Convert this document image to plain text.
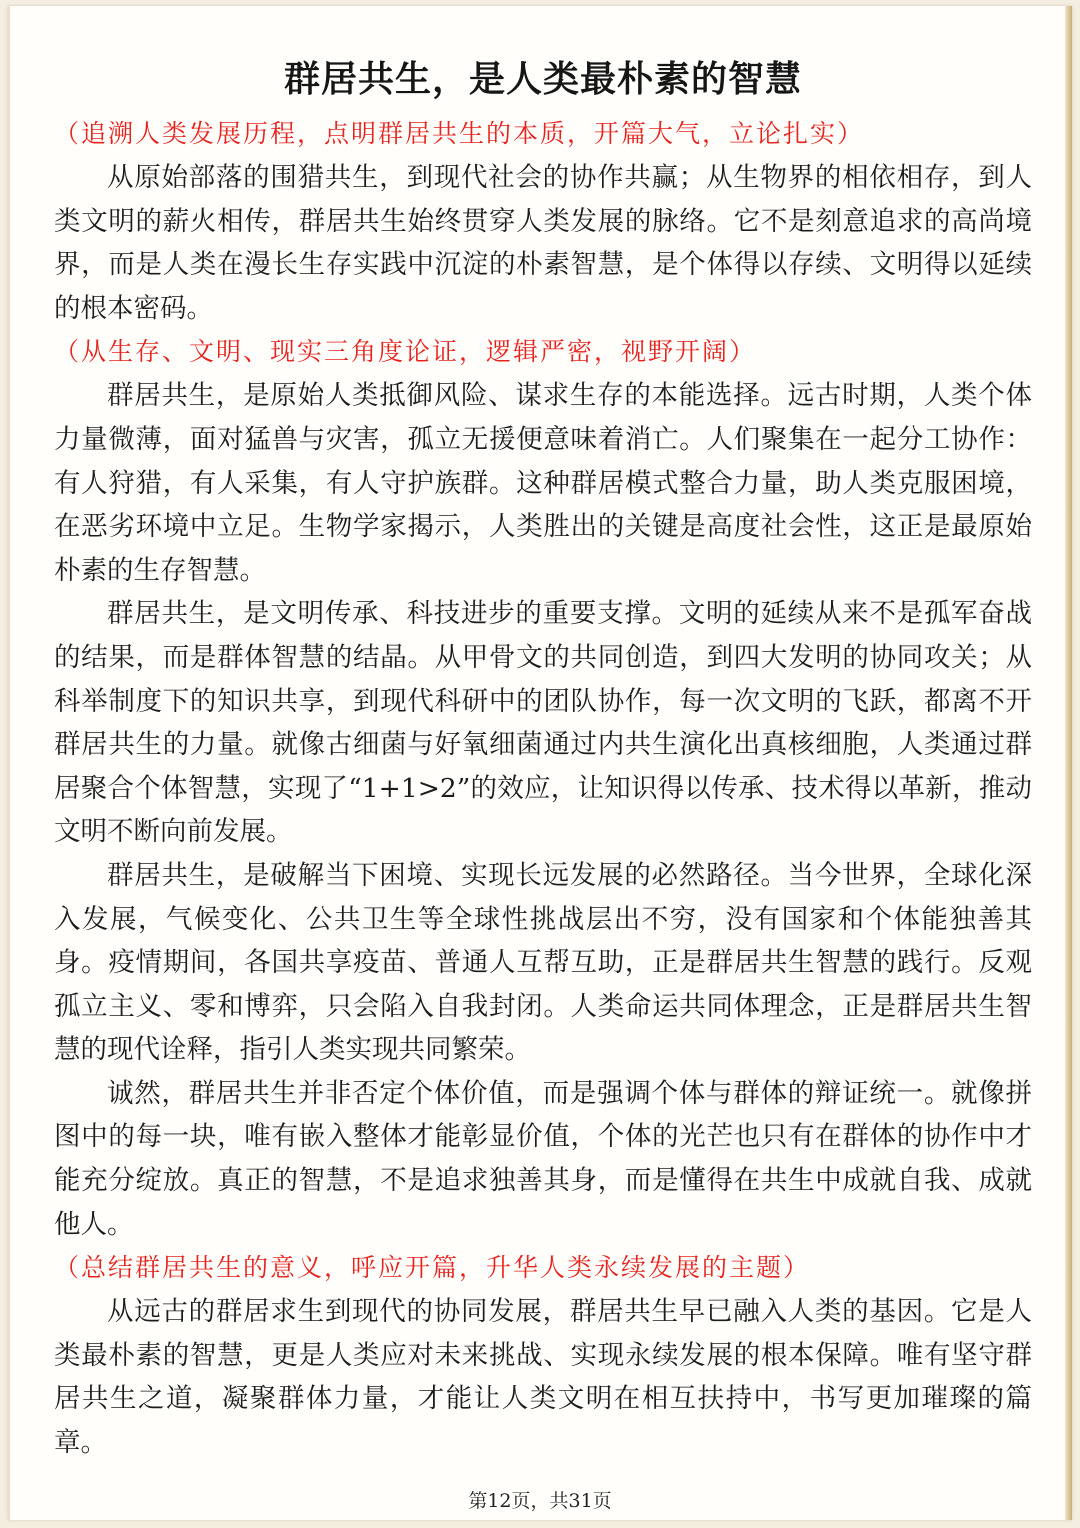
群居共生，是人类最朴素的智慧

（追溯人类发展历程，点明群居共生的本质，开篇大气，立论扎实）

从原始部落的围猎共生，到现代社会的协作共赢；从生物界的相依相存，到人类文明的薪火相传，群居共生始终贯穿人类发展的脉络。它不是刻意追求的高尚境界，而是人类在漫长生存实践中沉淀的朴素智慧，是个体得以存续、文明得以延续的根本密码。

（从生存、文明、现实三角度论证，逻辑严密，视野开阔）

群居共生，是原始人类抵御风险、谋求生存的本能选择。远古时期，人类个体力量微薄，面对猛兽与灾害，孤立无援便意味着消亡。人们聚集在一起分工协作：有人狩猎，有人采集，有人守护族群。这种群居模式整合力量，助人类克服困境，在恶劣环境中立足。生物学家揭示，人类胜出的关键是高度社会性，这正是最原始朴素的生存智慧。

群居共生，是文明传承、科技进步的重要支撑。文明的延续从来不是孤军奋战的结果，而是群体智慧的结晶。从甲骨文的共同创造，到四大发明的协同攻关；从科举制度下的知识共享，到现代科研中的团队协作，每一次文明的飞跃，都离不开群居共生的力量。就像古细菌与好氧细菌通过内共生演化出真核细胞，人类通过群居聚合个体智慧，实现了“1+1>2”的效应，让知识得以传承、技术得以革新，推动文明不断向前发展。

群居共生，是破解当下困境、实现长远发展的必然路径。当今世界，全球化深入发展，气候变化、公共卫生等全球性挑战层出不穷，没有国家和个体能独善其身。疫情期间，各国共享疫苗、普通人互帮互助，正是群居共生智慧的践行。反观孤立主义、零和博弈，只会陷入自我封闭。人类命运共同体理念，正是群居共生智慧的现代诠释，指引人类实现共同繁荣。

诚然，群居共生并非否定个体价值，而是强调个体与群体的辩证统一。就像拼图中的每一块，唯有嵌入整体才能彰显价值，个体的光芒也只有在群体的协作中才能充分绽放。真正的智慧，不是追求独善其身，而是懂得在共生中成就自我、成就他人。

（总结群居共生的意义，呼应开篇，升华人类永续发展的主题）

从远古的群居求生到现代的协同发展，群居共生早已融入人类的基因。它是人类最朴素的智慧，更是人类应对未来挑战、实现永续发展的根本保障。唯有坚守群居共生之道，凝聚群体力量，才能让人类文明在相互扶持中，书写更加璀璨的篇章。

第12页，共31页
